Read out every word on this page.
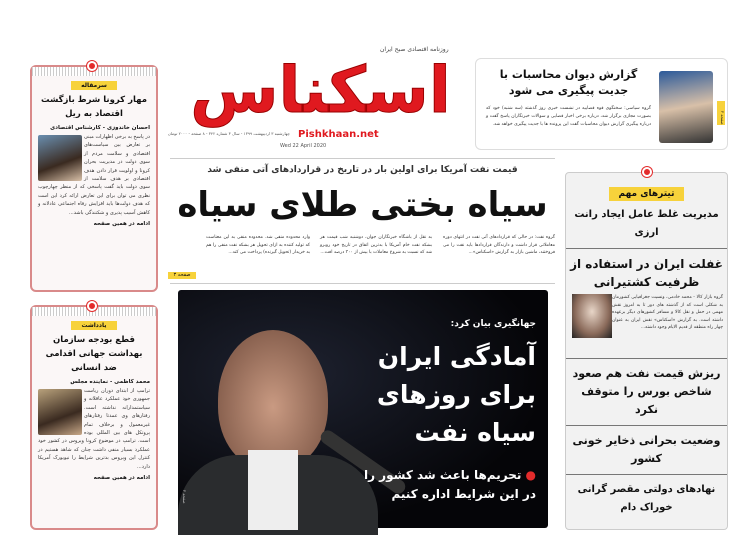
سرمقاله
مهار کرونا شرط بازگشت اقتصاد به ریل
احسان خاندوزی - کارشناس اقتصادی
در پاسخ به برخی اظهارات مبنی بر تعارض بین سیاست‌های اقتصادی و سلامت مردم از سوی دولت در مدیریت بحران کرونا و اولویت قرار دادن هدف اقتصادی بر هدف سلامت از سوی دولت باید گفت پاسخی که از منظر چهارچوب نظری می توان برای این تعارض ارائه کرد این است که هدف دولت‌ها باید افزایش رفاه اجتماعی عادلانه و کاهش آسیب پذیری و شکنندگی باشد...
ادامه در همین صفحه
یادداشت
قطع بودجه سازمان بهداشت جهانی اقدامی ضد انسانی
محمد کاظمی - نماینده مجلس
ترامپ از ابتدای دوران ریاست جمهوری خود عملکرد عاقلانه و سیاستمدارانه نداشته است. رفتارهای وی عمدتا رفتارهای غیرمعمول و برخلاف تمام پروتکل های بین المللی بوده است. ترامپ در موضوع کرونا ویروس در کشور خود عملکرد بسیار منفی داشت چنان که شاهد هستیم در کنترل این ویروس بدترین شرایط را نیویورک آمریکا دارد...
ادامه در همین صفحه
روزنامه اقتصادی صبح ایران
اسکناس
Pishkhaan.net
چهارشنبه ۳ اردیبهشت ۱۳۹۹ - سال ۳ شماره ۳۴۲ - ۸ صفحه - ۲۰۰۰ تومان
Wed 22 April 2020
صفحه ۲
گزارش دیوان محاسبات با جدیت پیگیری می شود
گروه سیاسی: سخنگوی قوه قضاییه در نشست خبری روز گذشته (سه شنبه) خود که بصورت مجازی برگزار شد، درباره برخی اخبار قضایی و سوالات خبرنگاران پاسخ گفت و درباره پیگیری گزارش دیوان محاسبات گفت این پرونده ها با جدیت پیگیری خواهد شد.
قیمت نفت آمریکا برای اولین بار در تاریخ در قراردادهای آتی منفی شد
سیاه بختی طلای سیاه
گروه نفت: در حالی که قراردادهای آتی نفت در انتهای دوره معاملاتی قرار داشت و دارندگان قراردادها باید نفت را می فروختند، ماشین بازار به گزارش «اسکناس»...
به نقل از باشگاه خبرنگاران جوان، دوشنبه شب قیمت هر بشکه نفت خام آمریکا با بدترین اتفاق در تاریخ خود روبرو شد که نسبت به شروع معاملات با بیش از ۳۰۰ درصد افت...
وارد محدوده منفی شد. محدوده منفی به این معناست که تولید کننده به ازای تحویل هر بشکه نفت منفی را هم به خریدار (تحویل گیرنده) پرداخت می کند...
صفحه ۳
جهانگیری بیان کرد:
آمادگی ایران برای روزهای سیاه نفت
● تحریم‌ها باعث شد کشور را در این شرایط اداره کنیم
صفحه ۲
تیترهای مهم
مدیریت غلط عامل ایجاد رانت ارزی
غفلت ایران در استفاده از ظرفیت کشتیرانی
گروه بازار کالا - محمد خادمی، ونسیت جغرافیایی کشورمان به شکلی است که از گذشته های دور تا به امروز نقش مهمی در حمل و نقل کالا و مسافر کشورهای دیگر برعهده داشته است. به گزارش «اسکناس» نقش ایران به عنوان چهار راه منطقه از قدیم الایام وجود داشته...
ریزش قیمت نفت هم صعود شاخص بورس را متوقف نکرد
وضعیت بحرانی ذخایر خونی کشور
نهادهای دولتی مقصر گرانی خوراک دام
